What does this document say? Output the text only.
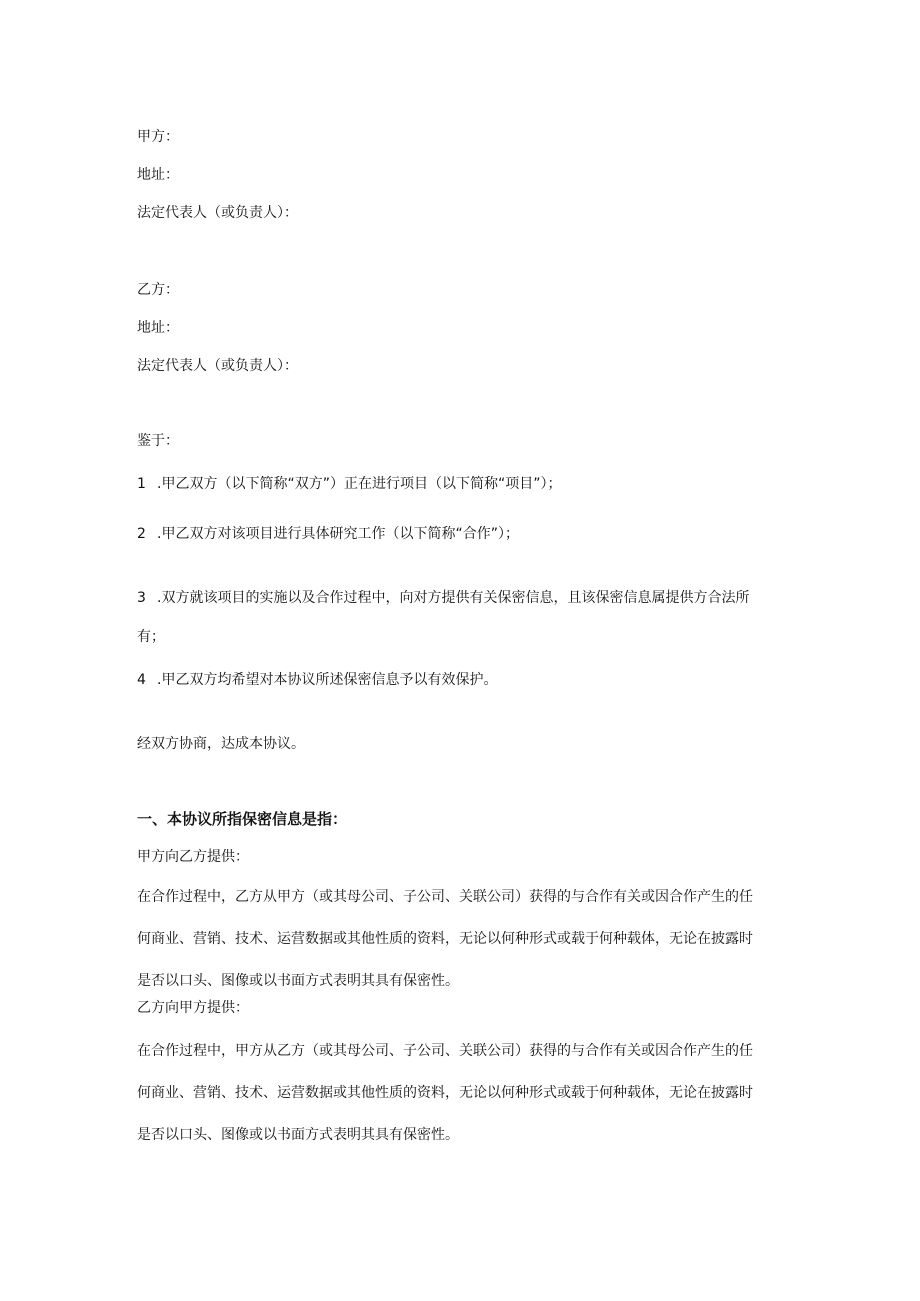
甲方：
地址：
法定代表人（或负责人）：
乙方：
地址：
法定代表人（或负责人）：
鉴于：
1 .甲乙双方（以下简称“双方”）正在进行项目（以下简称“项目”）；
2 .甲乙双方对该项目进行具体研究工作（以下简称“合作”）；
3 .双方就该项目的实施以及合作过程中，向对方提供有关保密信息，且该保密信息属提供方合法所
有；
4 .甲乙双方均希望对本协议所述保密信息予以有效保护。
经双方协商，达成本协议。
一、本协议所指保密信息是指：
甲方向乙方提供：
在合作过程中，乙方从甲方（或其母公司、子公司、关联公司）获得的与合作有关或因合作产生的任
何商业、营销、技术、运营数据或其他性质的资料，无论以何种形式或载于何种载体，无论在披露时
是否以口头、图像或以书面方式表明其具有保密性。
乙方向甲方提供：
在合作过程中，甲方从乙方（或其母公司、子公司、关联公司）获得的与合作有关或因合作产生的任
何商业、营销、技术、运营数据或其他性质的资料，无论以何种形式或载于何种载体，无论在披露时
是否以口头、图像或以书面方式表明其具有保密性。
